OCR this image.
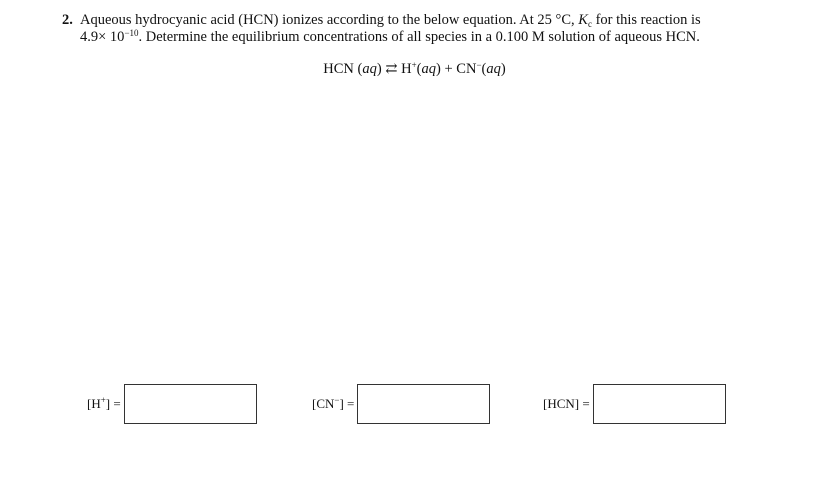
2. Aqueous hydrocyanic acid (HCN) ionizes according to the below equation. At 25 °C, $K_c$ for this reaction is
$4.9\times 10^{-10}$. Determine the equilibrium concentrations of all species in a 0.100 M solution of aqueous HCN.
HCN (aq) ⇄ H+(aq) + CN−(aq)
[H+] =	[CN−] =	[HCN] =
